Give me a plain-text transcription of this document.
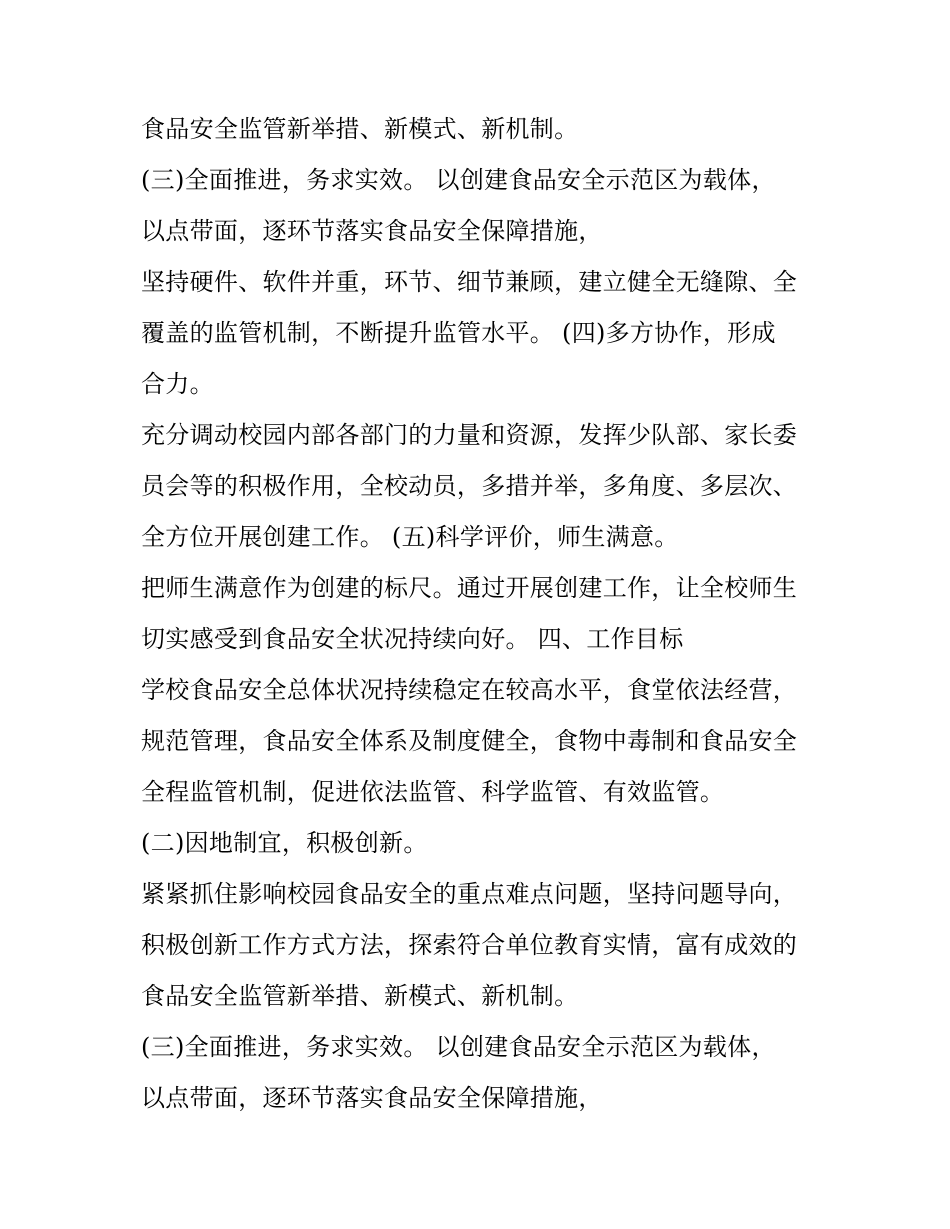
食品安全监管新举措、新模式、新机制。
(三)全面推进，务求实效。 以创建食品安全示范区为载体，
以点带面，逐环节落实食品安全保障措施，
坚持硬件、软件并重，环节、细节兼顾，建立健全无缝隙、全
覆盖的监管机制，不断提升监管水平。 (四)多方协作，形成
合力。
充分调动校园内部各部门的力量和资源，发挥少队部、家长委
员会等的积极作用，全校动员，多措并举，多角度、多层次、
全方位开展创建工作。 (五)科学评价，师生满意。
把师生满意作为创建的标尺。通过开展创建工作，让全校师生
切实感受到食品安全状况持续向好。 四、工作目标
学校食品安全总体状况持续稳定在较高水平，食堂依法经营，
规范管理，食品安全体系及制度健全，食物中毒制和食品安全
全程监管机制，促进依法监管、科学监管、有效监管。
(二)因地制宜，积极创新。
紧紧抓住影响校园食品安全的重点难点问题，坚持问题导向，
积极创新工作方式方法，探索符合单位教育实情，富有成效的
食品安全监管新举措、新模式、新机制。
(三)全面推进，务求实效。 以创建食品安全示范区为载体，
以点带面，逐环节落实食品安全保障措施，
